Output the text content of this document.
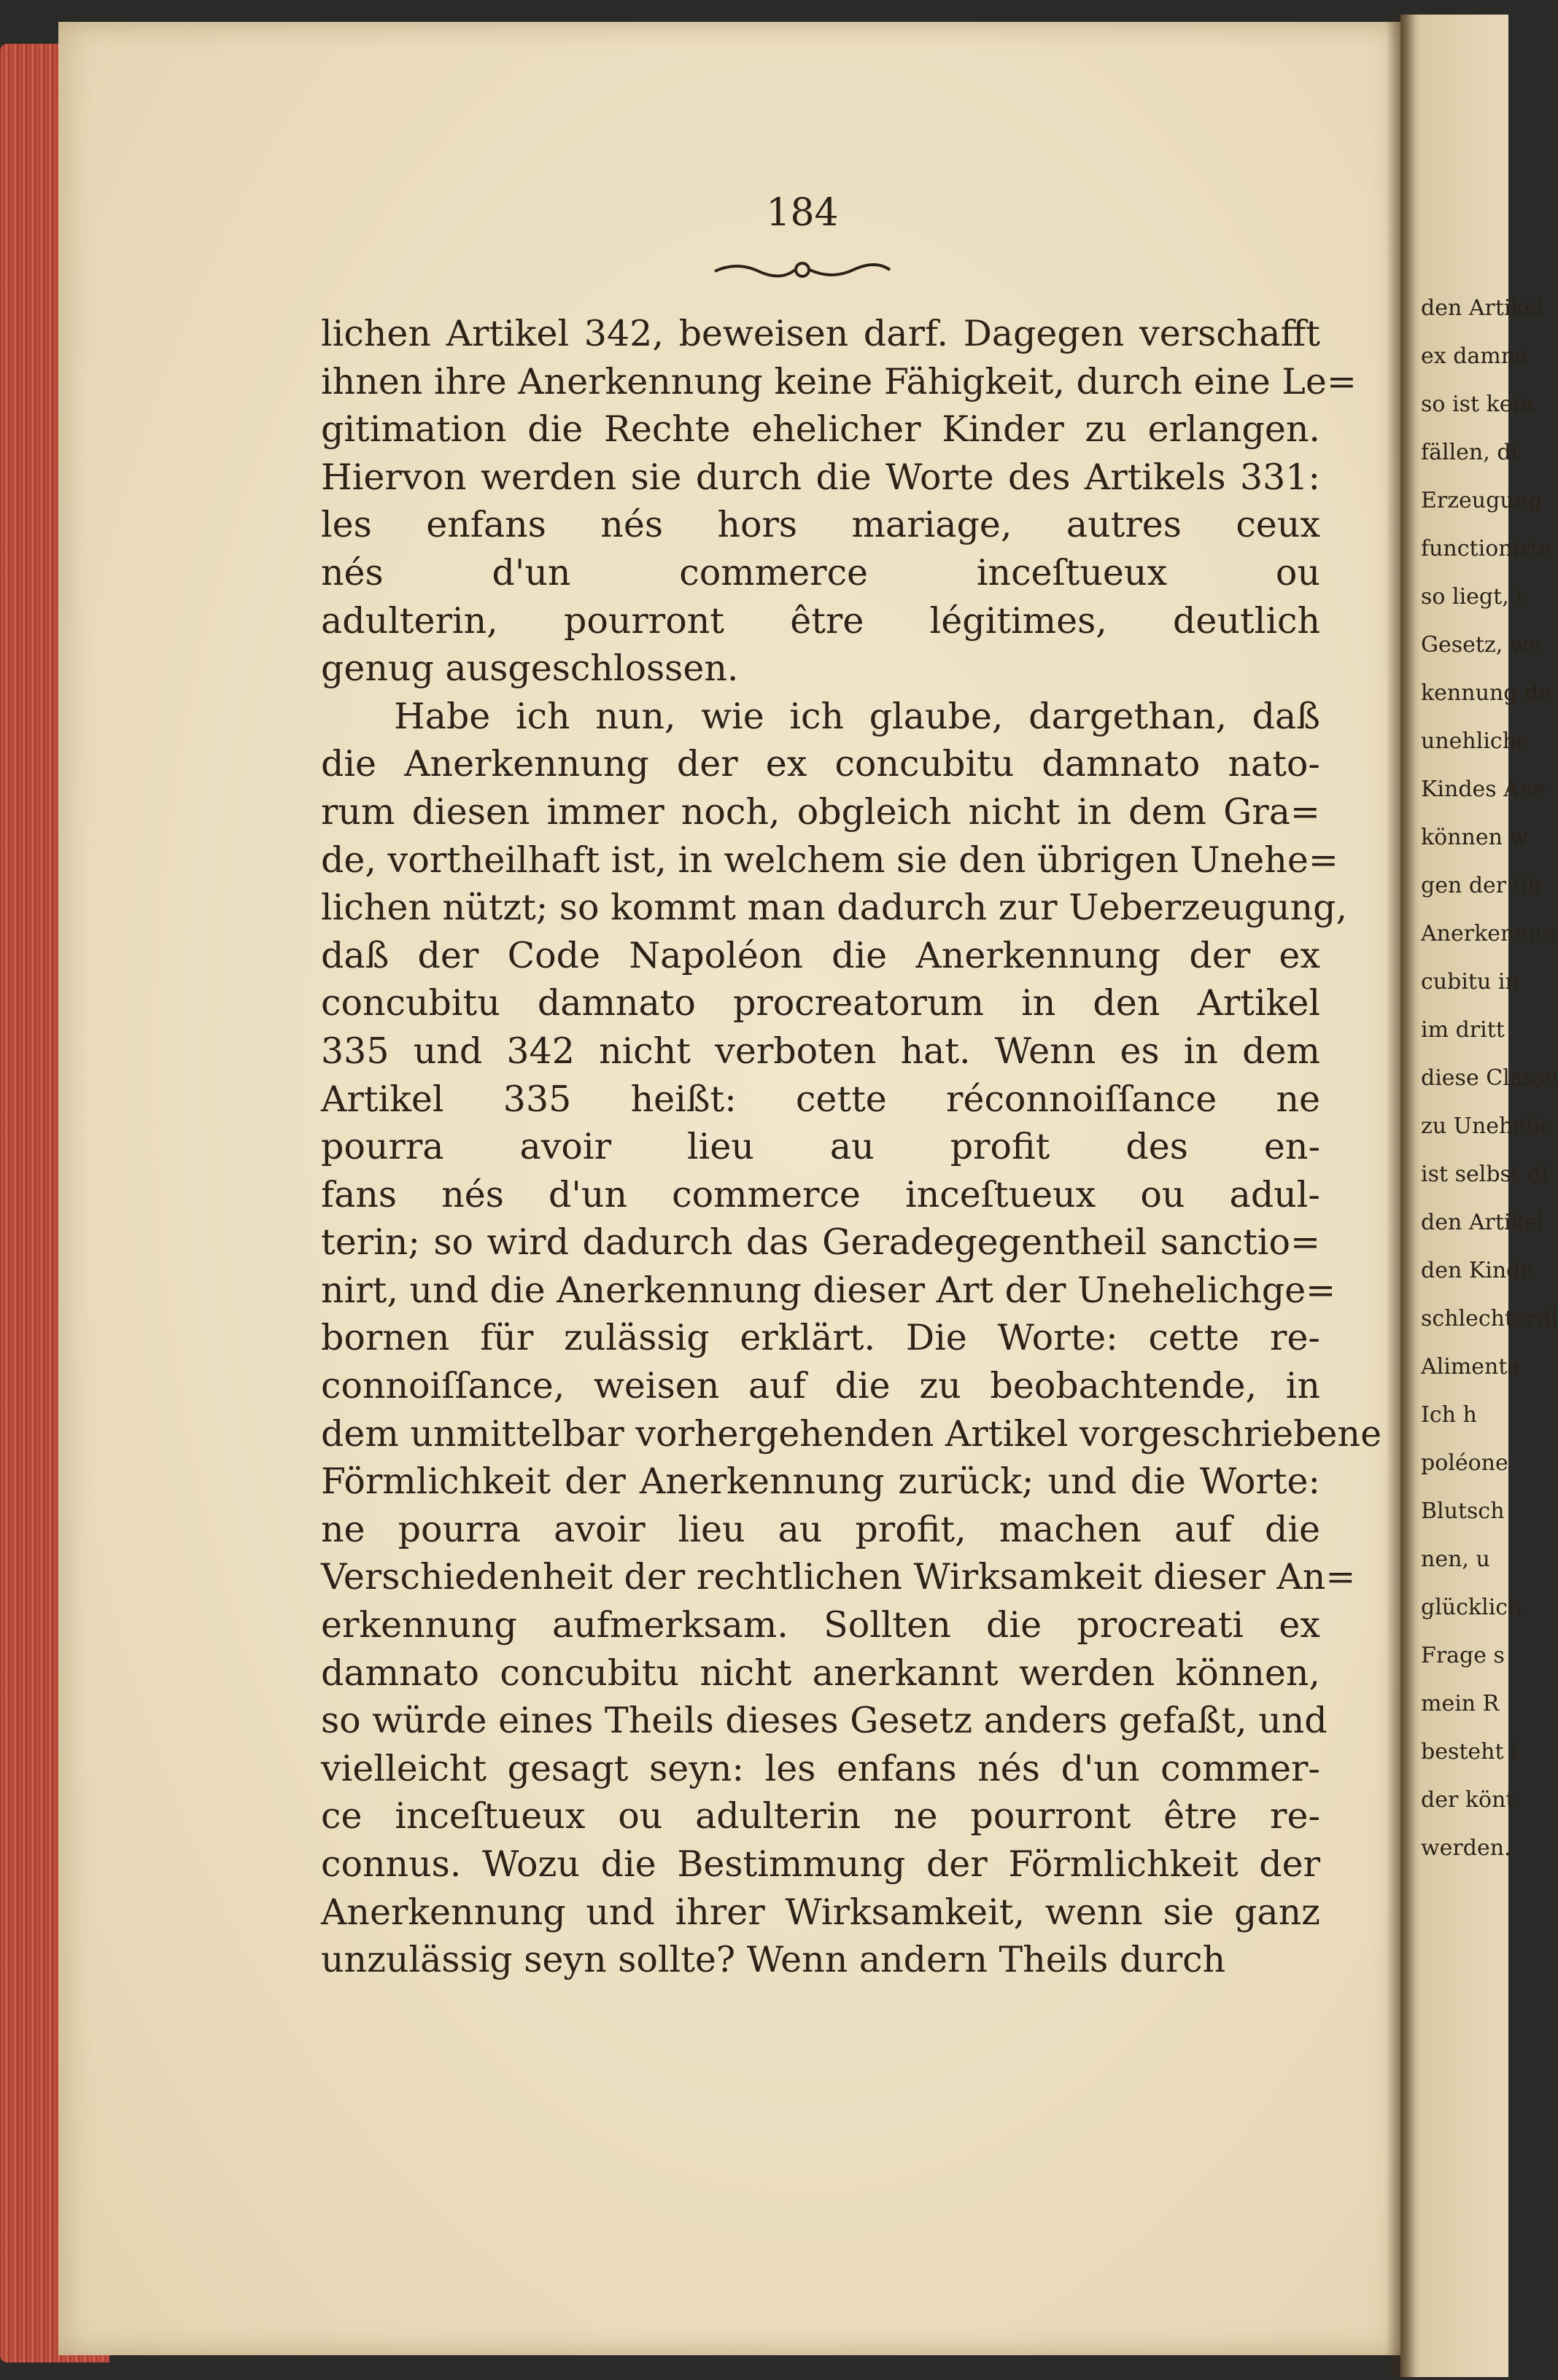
184
lichen Artikel 342, beweisen darf. Dagegen verschafft
ihnen ihre Anerkennung keine Fähigkeit, durch eine Le=
gitimation die Rechte ehelicher Kinder zu erlangen.
Hiervon werden sie durch die Worte des Artikels 331:
les enfans nés hors mariage, autres ceux
nés d'un commerce inceſtueux ou
adulterin, pourront être légitimes, deutlich
genug ausgeschlossen.
Habe ich nun, wie ich glaube, dargethan, daß
die Anerkennung der ex concubitu damnato nato-
rum diesen immer noch, obgleich nicht in dem Gra=
de, vortheilhaft ist, in welchem sie den übrigen Unehe=
lichen nützt; so kommt man dadurch zur Ueberzeugung,
daß der Code Napoléon die Anerkennung der ex
concubitu damnato procreatorum in den Artikel
335 und 342 nicht verboten hat. Wenn es in dem
Artikel 335 heißt: cette réconnoiſſance ne
pourra avoir lieu au profit des en-
fans nés d'un commerce inceſtueux ou adul-
terin; so wird dadurch das Geradegegentheil sanctio=
nirt, und die Anerkennung dieser Art der Unehelichge=
bornen für zulässig erklärt. Die Worte: cette re-
connoiſſance, weisen auf die zu beobachtende, in
dem unmittelbar vorhergehenden Artikel vorgeschriebene
Förmlichkeit der Anerkennung zurück; und die Worte:
ne pourra avoir lieu au profit, machen auf die
Verschiedenheit der rechtlichen Wirksamkeit dieser An=
erkennung aufmerksam. Sollten die procreati ex
damnato concubitu nicht anerkannt werden können,
so würde eines Theils dieses Gesetz anders gefaßt, und
vielleicht gesagt seyn: les enfans nés d'un commer-
ce inceſtueux ou adulterin ne pourront être re-
connus. Wozu die Bestimmung der Förmlichkeit der
Anerkennung und ihrer Wirksamkeit, wenn sie ganz
unzulässig seyn sollte? Wenn andern Theils durch
den Artikel
ex damna
so ist kein
fällen, di
Erzeugung
functionirte
so liegt, i
Gesetz, we
kennung de
unehliche
Kindes Ane
können w
gen der üb
Anerkennun
cubitu in
im dritt
diese Classe
zu Unehelic
ist selbst di
den Artikel
den Kinde
schlechterdi
Alimenta
Ich h
poléone
Blutsch
nen, u
glücklich
Frage s
mein R
besteht i
der könt
werden.
